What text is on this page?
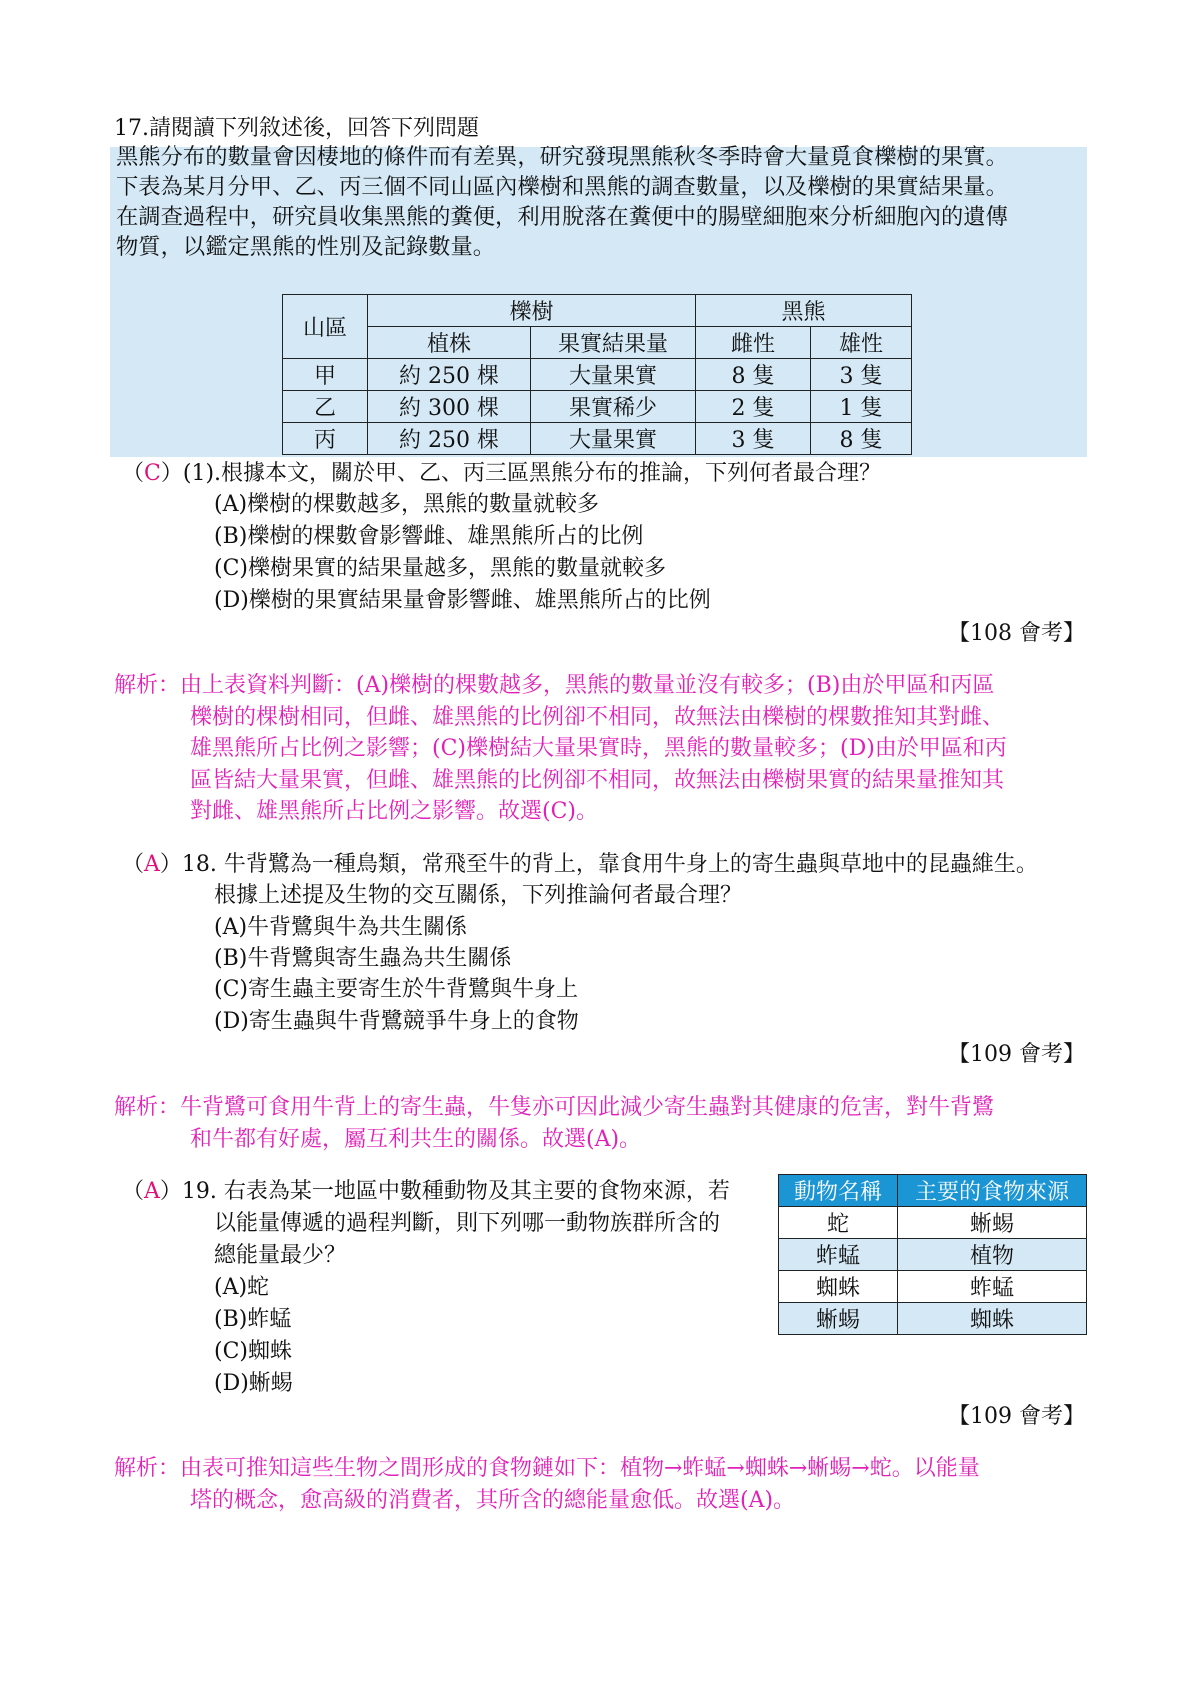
17.請閱讀下列敘述後，回答下列問題
黑熊分布的數量會因棲地的條件而有差異，研究發現黑熊秋冬季時會大量覓食櫟樹的果實。
下表為某月分甲、乙、丙三個不同山區內櫟樹和黑熊的調查數量，以及櫟樹的果實結果量。
在調查過程中，研究員收集黑熊的糞便，利用脫落在糞便中的腸壁細胞來分析細胞內的遺傳
物質，以鑑定黑熊的性別及記錄數量。
山區	櫟樹		黑熊	
	植株	果實結果量	雌性	雄性
甲	約 250 棵	大量果實	8 隻	3 隻
乙	約 300 棵	果實稀少	2 隻	1 隻
丙	約 250 棵	大量果實	3 隻	8 隻
（C）(1).根據本文，關於甲、乙、丙三區黑熊分布的推論，下列何者最合理？
(A)櫟樹的棵數越多，黑熊的數量就較多
(B)櫟樹的棵數會影響雌、雄黑熊所占的比例
(C)櫟樹果實的結果量越多，黑熊的數量就較多
(D)櫟樹的果實結果量會影響雌、雄黑熊所占的比例
【108 會考】
解析：由上表資料判斷：(A)櫟樹的棵數越多，黑熊的數量並沒有較多；(B)由於甲區和丙區
櫟樹的棵樹相同，但雌、雄黑熊的比例卻不相同，故無法由櫟樹的棵數推知其對雌、
雄黑熊所占比例之影響；(C)櫟樹結大量果實時，黑熊的數量較多；(D)由於甲區和丙
區皆結大量果實，但雌、雄黑熊的比例卻不相同，故無法由櫟樹果實的結果量推知其
對雌、雄黑熊所占比例之影響。故選(C)。
（A）18. 牛背鷺為一種鳥類，常飛至牛的背上，靠食用牛身上的寄生蟲與草地中的昆蟲維生。
根據上述提及生物的交互關係，下列推論何者最合理？
(A)牛背鷺與牛為共生關係
(B)牛背鷺與寄生蟲為共生關係
(C)寄生蟲主要寄生於牛背鷺與牛身上
(D)寄生蟲與牛背鷺競爭牛身上的食物
【109 會考】
解析：牛背鷺可食用牛背上的寄生蟲，牛隻亦可因此減少寄生蟲對其健康的危害，對牛背鷺
和牛都有好處，屬互利共生的關係。故選(A)。
（A）19. 右表為某一地區中數種動物及其主要的食物來源，若
以能量傳遞的過程判斷，則下列哪一動物族群所含的
總能量最少？
(A)蛇
(B)蚱蜢
(C)蜘蛛
(D)蜥蜴
動物名稱	主要的食物來源
蛇	蜥蜴
蚱蜢	植物
蜘蛛	蚱蜢
蜥蜴	蜘蛛
【109 會考】
解析：由表可推知這些生物之間形成的食物鏈如下：植物→蚱蜢→蜘蛛→蜥蜴→蛇。以能量
塔的概念，愈高級的消費者，其所含的總能量愈低。故選(A)。
